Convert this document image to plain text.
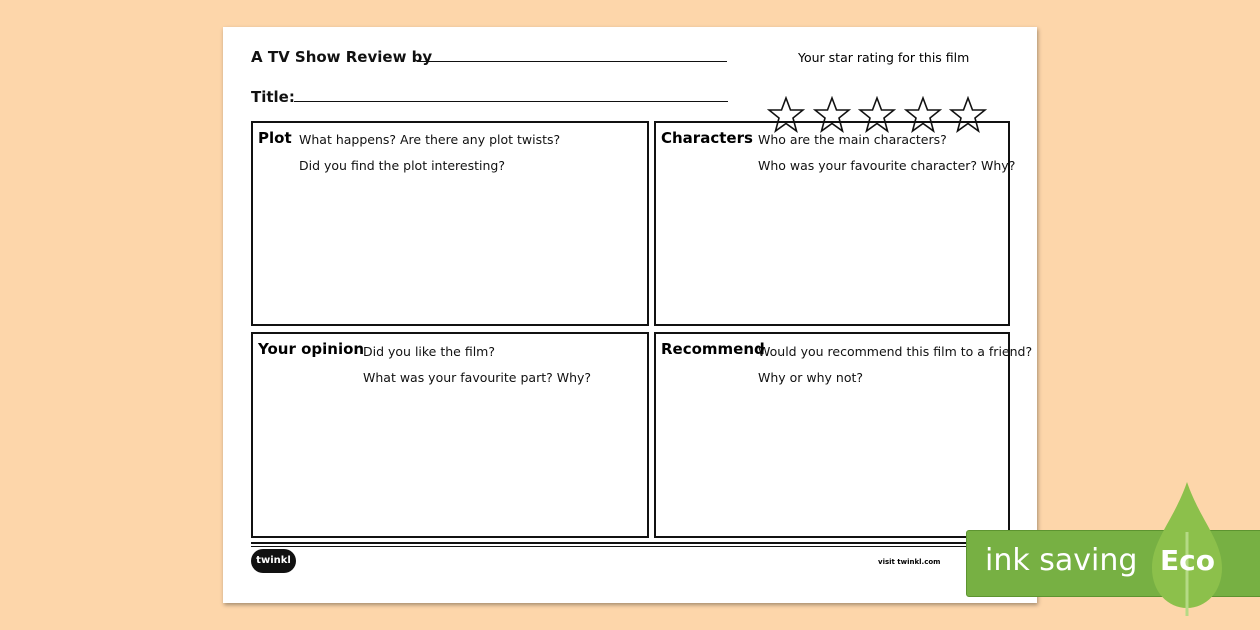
A TV Show Review by
Title:
Your star rating for this film
Plot What happens? Are there any plot twists?
Did you find the plot interesting?
Characters Who are the main characters?
Who was your favourite character? Why?
Your opinion
Did you like the film?
What was your favourite part? Why?
Recommend
Would you recommend this film to a friend?
Why or why not?
twinkl	visit twinkl.com ink saving Eco
